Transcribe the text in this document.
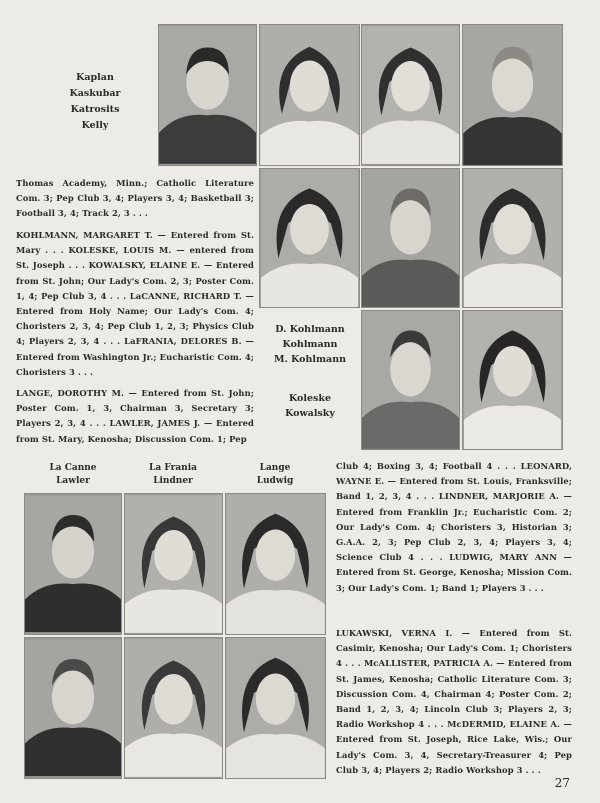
Kaplan
Kaskubar
Katrosits
Kelly
D. Kohlmann
Kohlmann
M. Kohlmann
Koleske
Kowalsky
La Canne
Lawler
La Frania
Lindner
Lange
Ludwig
Thomas Academy, Minn.; Catholic Literature Com. 3; Pep Club 3, 4; Players 3, 4; Basketball 3; Football 3, 4; Track 2, 3 . . .
KOHLMANN, MARGARET T. — Entered from St. Mary . . . KOLESKE, LOUIS M. — entered from St. Joseph . . . KOWALSKY, ELAINE E. — Entered from St. John; Our Lady's Com. 2, 3; Poster Com. 1, 4; Pep Club 3, 4 . . . LaCANNE, RICHARD T. — Entered from Holy Name; Our Lady's Com. 4; Choristers 2, 3, 4; Pep Club 1, 2, 3; Physics Club 4; Players 2, 3, 4 . . . LaFRANIA, DELORES B. — Entered from Washington Jr.; Eucharistic Com. 4; Choristers 3 . . .
LANGE, DOROTHY M. — Entered from St. John; Poster Com. 1, 3, Chairman 3, Secretary 3; Players 2, 3, 4 . . . LAWLER, JAMES J. — Entered from St. Mary, Kenosha; Discussion Com. 1; Pep
Club 4; Boxing 3, 4; Football 4 . . . LEONARD, WAYNE E. — Entered from St. Louis, Franksville; Band 1, 2, 3, 4 . . . LINDNER, MARJORIE A. — Entered from Franklin Jr.; Eucharistic Com. 2; Our Lady's Com. 4; Choristers 3, Historian 3; G.A.A. 2, 3; Pep Club 2, 3, 4; Players 3, 4; Science Club 4 . . . LUDWIG, MARY ANN — Entered from St. George, Kenosha; Mission Com. 3; Our Lady's Com. 1; Band 1; Players 3 . . .
LUKAWSKI, VERNA I. — Entered from St. Casimir, Kenosha; Our Lady's Com. 1; Choristers 4 . . . McALLISTER, PATRICIA A. — Entered from St. James, Kenosha; Catholic Literature Com. 3; Discussion Com. 4, Chairman 4; Poster Com. 2; Band 1, 2, 3, 4; Lincoln Club 3; Players 2, 3; Radio Workshop 4 . . . McDERMID, ELAINE A. — Entered from St. Joseph, Rice Lake, Wis.; Our Lady's Com. 3, 4, Secretary-Treasurer 4; Pep Club 3, 4; Players 2; Radio Workshop 3 . . .
27
